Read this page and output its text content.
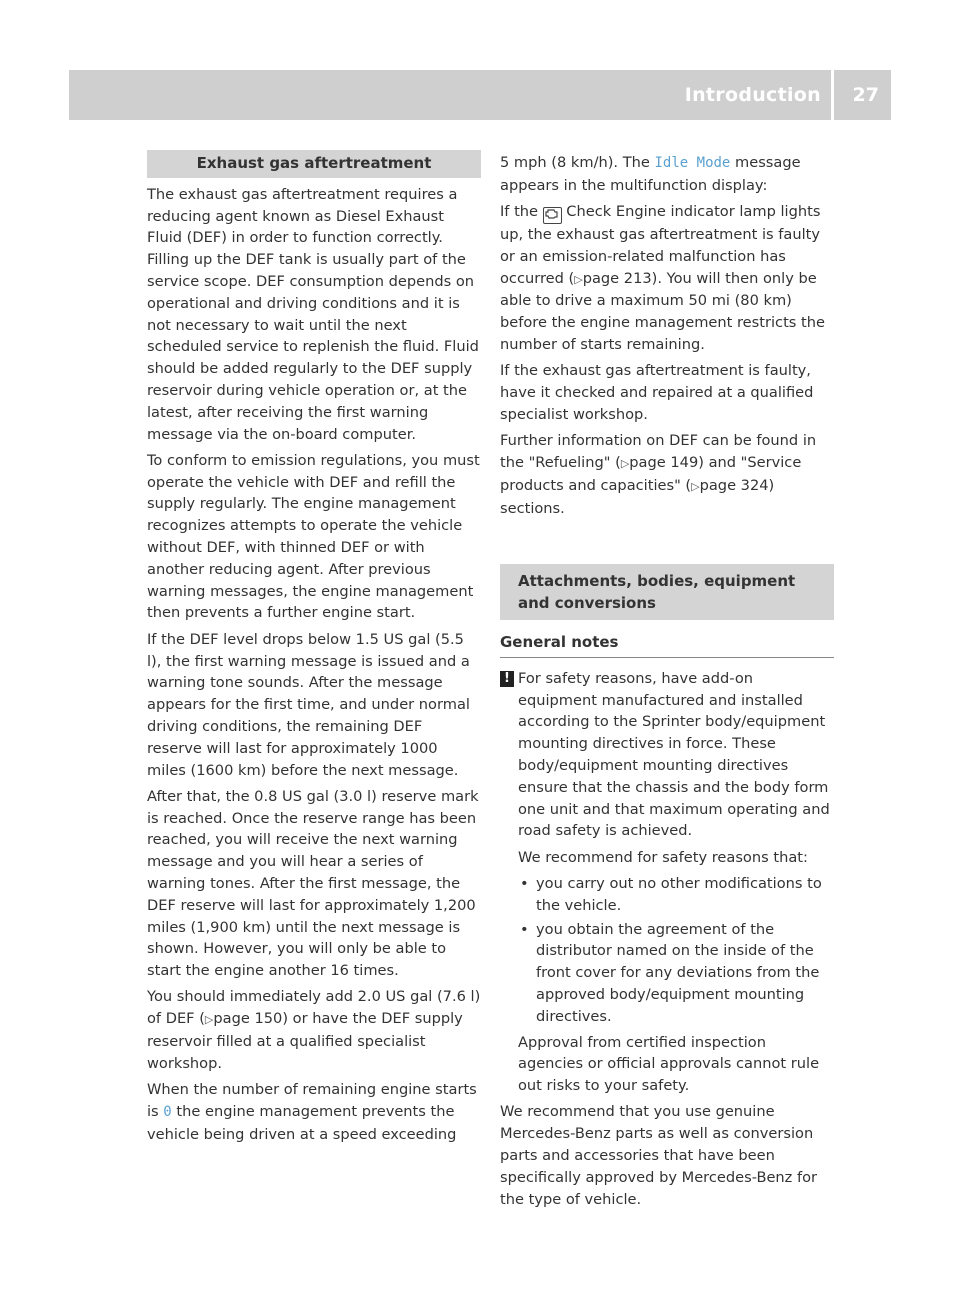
Introduction 27
Exhaust gas aftertreatment

The exhaust gas aftertreatment requires a reducing agent known as Diesel Exhaust Fluid (DEF) in order to function correctly. Filling up the DEF tank is usually part of the service scope. DEF consumption depends on operational and driving conditions and it is not necessary to wait until the next scheduled service to replenish the fluid. Fluid should be added regularly to the DEF supply reservoir during vehicle operation or, at the latest, after receiving the first warning message via the on-board computer.

To conform to emission regulations, you must operate the vehicle with DEF and refill the supply regularly. The engine management recognizes attempts to operate the vehicle without DEF, with thinned DEF or with another reducing agent. After previous warning messages, the engine management then prevents a further engine start.

If the DEF level drops below 1.5 US gal (5.5 l), the first warning message is issued and a warning tone sounds. After the message appears for the first time, and under normal driving conditions, the remaining DEF reserve will last for approximately 1000 miles (1600 km) before the next message.

After that, the 0.8 US gal (3.0 l) reserve mark is reached. Once the reserve range has been reached, you will receive the next warning message and you will hear a series of warning tones. After the first message, the DEF reserve will last for approximately 1,200 miles (1,900 km) until the next message is shown. However, you will only be able to start the engine another 16 times.

You should immediately add 2.0 US gal (7.6 l) of DEF (▷page 150) or have the DEF supply reservoir filled at a qualified specialist workshop.

When the number of remaining engine starts is 0 the engine management prevents the vehicle being driven at a speed exceeding

5 mph (8 km/h). The Idle Mode message appears in the multifunction display:

If the  Check Engine indicator lamp lights up, the exhaust gas aftertreatment is faulty or an emission-related malfunction has occurred (▷page 213). You will then only be able to drive a maximum 50 mi (80 km) before the engine management restricts the number of starts remaining.

If the exhaust gas aftertreatment is faulty, have it checked and repaired at a qualified specialist workshop.

Further information on DEF can be found in the "Refueling" (▷page 149) and "Service products and capacities" (▷page 324) sections.

Attachments, bodies, equipment and conversions
General notes
! For safety reasons, have add-on equipment manufactured and installed according to the Sprinter body/equipment mounting directives in force. These body/equipment mounting directives ensure that the chassis and the body form one unit and that maximum operating and road safety is achieved.

We recommend for safety reasons that:

• you carry out no other modifications to the vehicle.
• you obtain the agreement of the distributor named on the inside of the front cover for any deviations from the approved body/equipment mounting directives.

Approval from certified inspection agencies or official approvals cannot rule out risks to your safety.

We recommend that you use genuine Mercedes-Benz parts as well as conversion parts and accessories that have been specifically approved by Mercedes-Benz for the type of vehicle.
